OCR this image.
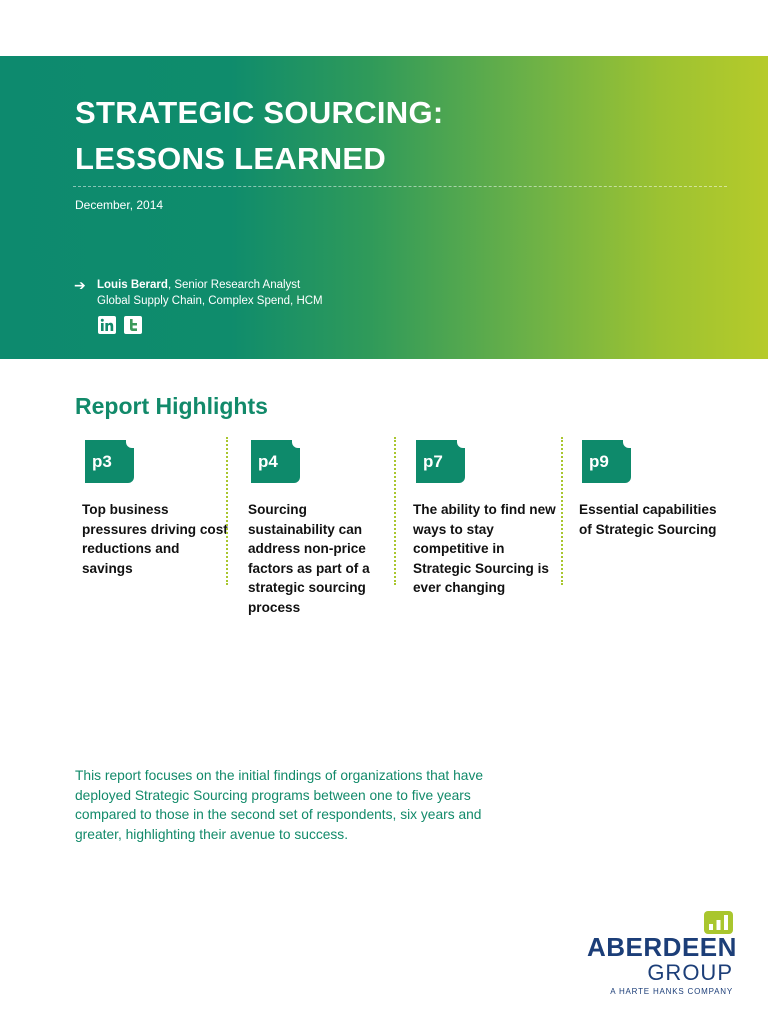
STRATEGIC SOURCING:
LESSONS LEARNED
December, 2014
➔ Louis Berard, Senior Research Analyst
Global Supply Chain, Complex Spend, HCM
Report Highlights
p3
Top business pressures driving cost reductions and savings
p4
Sourcing sustainability can address non-price factors as part of a strategic sourcing process
p7
The ability to find new ways to stay competitive in Strategic Sourcing is ever changing
p9
Essential capabilities of Strategic Sourcing

This report focuses on the initial findings of organizations that have deployed Strategic Sourcing programs between one to five years compared to those in the second set of respondents, six years and greater, highlighting their avenue to success.

ABERDEEN
GROUP
A HARTE HANKS COMPANY
